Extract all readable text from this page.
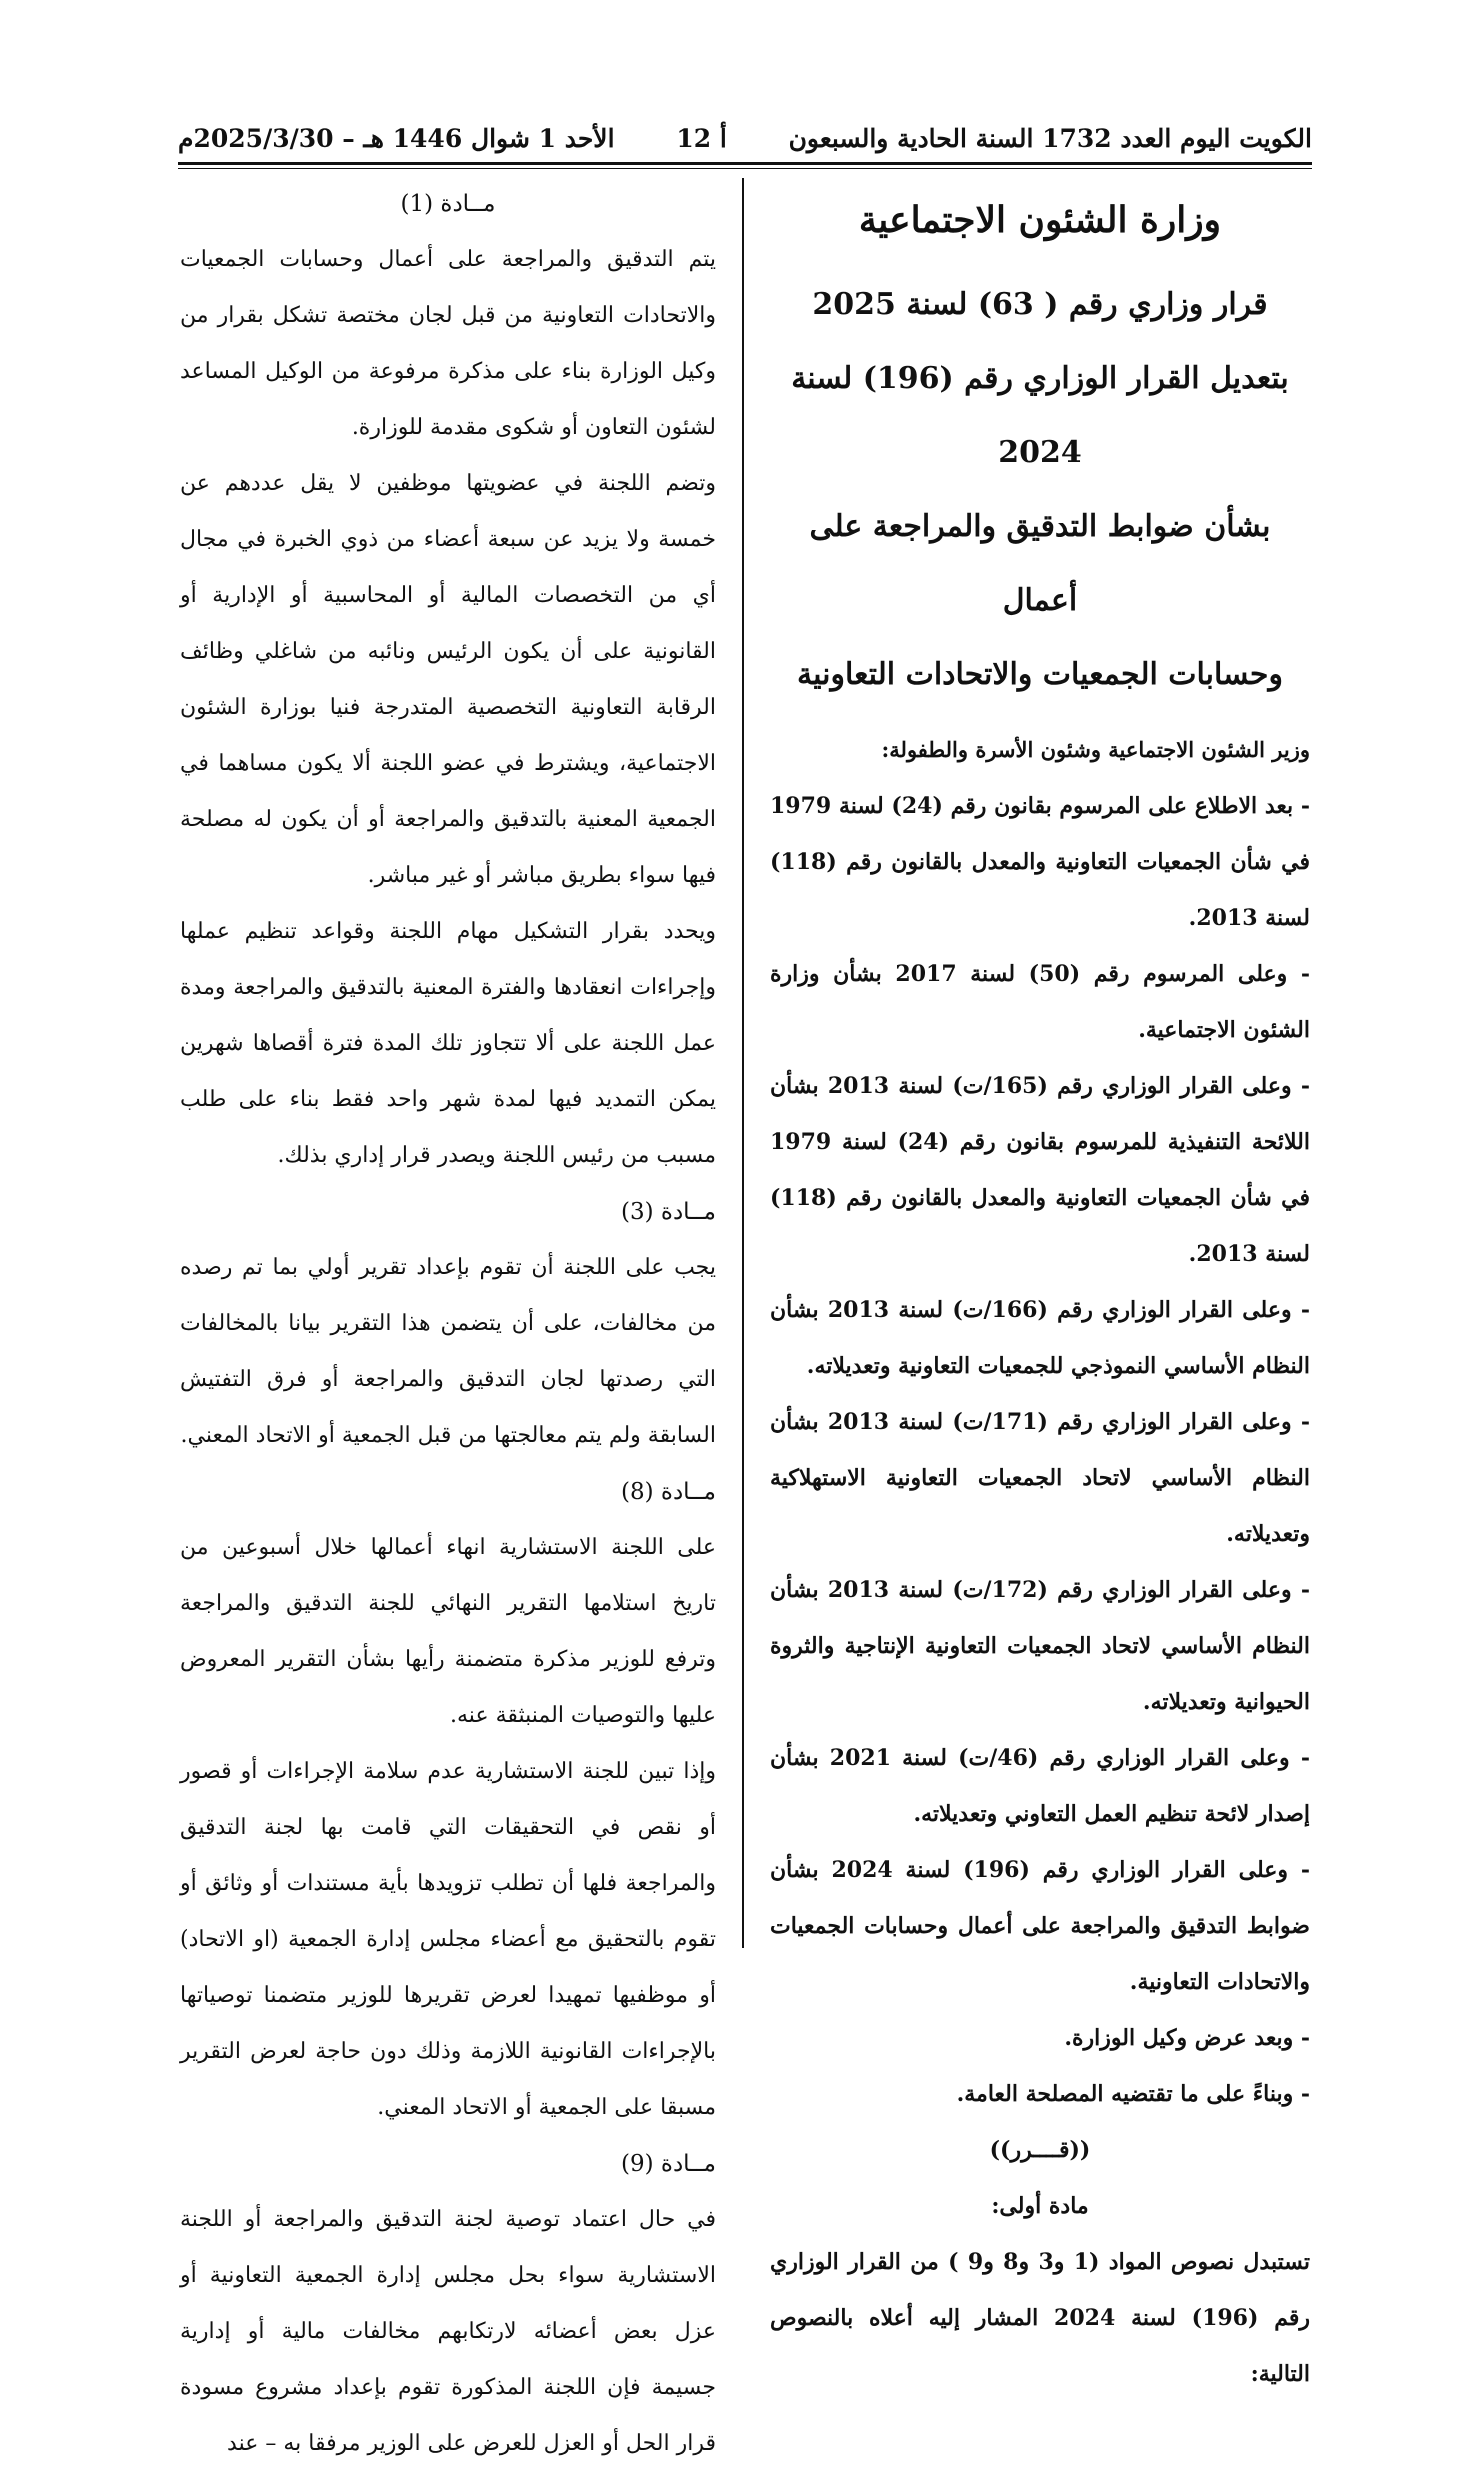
الكويت اليوم العدد 1732 السنة الحادية والسبعون
أ 12
الأحد 1 شوال 1446 هـ – 2025/3/30م

وزارة الشئون الاجتماعية

قرار وزاري رقم ( 63) لسنة 2025

بتعديل القرار الوزاري رقم (196) لسنة 2024

بشأن ضوابط التدقيق والمراجعة على أعمال

وحسابات الجمعيات والاتحادات التعاونية

وزير الشئون الاجتماعية وشئون الأسرة والطفولة:

- بعد الاطلاع على المرسوم بقانون رقم (24) لسنة 1979 في شأن الجمعيات التعاونية والمعدل بالقانون رقم (118) لسنة 2013.

- وعلى المرسوم رقم (50) لسنة 2017 بشأن وزارة الشئون الاجتماعية.

- وعلى القرار الوزاري رقم (165/ت) لسنة 2013 بشأن اللائحة التنفيذية للمرسوم بقانون رقم (24) لسنة 1979 في شأن الجمعيات التعاونية والمعدل بالقانون رقم (118) لسنة 2013.

- وعلى القرار الوزاري رقم (166/ت) لسنة 2013 بشأن النظام الأساسي النموذجي للجمعيات التعاونية وتعديلاته.

- وعلى القرار الوزاري رقم (171/ت) لسنة 2013 بشأن النظام الأساسي لاتحاد الجمعيات التعاونية الاستهلاكية وتعديلاته.

- وعلى القرار الوزاري رقم (172/ت) لسنة 2013 بشأن النظام الأساسي لاتحاد الجمعيات التعاونية الإنتاجية والثروة الحيوانية وتعديلاته.

- وعلى القرار الوزاري رقم (46/ت) لسنة 2021 بشأن إصدار لائحة تنظيم العمل التعاوني وتعديلاته.

- وعلى القرار الوزاري رقم (196) لسنة 2024 بشأن ضوابط التدقيق والمراجعة على أعمال وحسابات الجمعيات والاتحادات التعاونية.

- وبعد عرض وكيل الوزارة.

- وبناءً على ما تقتضيه المصلحة العامة.

((قــــرر))

مادة أولى:

تستبدل نصوص المواد (1 و3 و8 و9 ) من القرار الوزاري رقم (196) لسنة 2024 المشار إليه أعلاه بالنصوص التالية:

مــادة (1)

يتم التدقيق والمراجعة على أعمال وحسابات الجمعيات والاتحادات التعاونية من قبل لجان مختصة تشكل بقرار من وكيل الوزارة بناء على مذكرة مرفوعة من الوكيل المساعد لشئون التعاون أو شكوى مقدمة للوزارة.

وتضم اللجنة في عضويتها موظفين لا يقل عددهم عن خمسة ولا يزيد عن سبعة أعضاء من ذوي الخبرة في مجال أي من التخصصات المالية أو المحاسبية أو الإدارية أو القانونية على أن يكون الرئيس ونائبه من شاغلي وظائف الرقابة التعاونية التخصصية المتدرجة فنيا بوزارة الشئون الاجتماعية، ويشترط في عضو اللجنة ألا يكون مساهما في الجمعية المعنية بالتدقيق والمراجعة أو أن يكون له مصلحة فيها سواء بطريق مباشر أو غير مباشر.

ويحدد بقرار التشكيل مهام اللجنة وقواعد تنظيم عملها وإجراءات انعقادها والفترة المعنية بالتدقيق والمراجعة ومدة عمل اللجنة على ألا تتجاوز تلك المدة فترة أقصاها شهرين يمكن التمديد فيها لمدة شهر واحد فقط بناء على طلب مسبب من رئيس اللجنة ويصدر قرار إداري بذلك.

مــادة (3)

يجب على اللجنة أن تقوم بإعداد تقرير أولي بما تم رصده من مخالفات، على أن يتضمن هذا التقرير بيانا بالمخالفات التي رصدتها لجان التدقيق والمراجعة أو فرق التفتيش السابقة ولم يتم معالجتها من قبل الجمعية أو الاتحاد المعني.

مــادة (8)

على اللجنة الاستشارية انهاء أعمالها خلال أسبوعين من تاريخ استلامها التقرير النهائي للجنة التدقيق والمراجعة وترفع للوزير مذكرة متضمنة رأيها بشأن التقرير المعروض عليها والتوصيات المنبثقة عنه.

وإذا تبين للجنة الاستشارية عدم سلامة الإجراءات أو قصور أو نقص في التحقيقات التي قامت بها لجنة التدقيق والمراجعة فلها أن تطلب تزويدها بأية مستندات أو وثائق أو تقوم بالتحقيق مع أعضاء مجلس إدارة الجمعية (او الاتحاد) أو موظفيها تمهيدا لعرض تقريرها للوزير متضمنا توصياتها بالإجراءات القانونية اللازمة وذلك دون حاجة لعرض التقرير مسبقا على الجمعية أو الاتحاد المعني.

مــادة (9)

في حال اعتماد توصية لجنة التدقيق والمراجعة أو اللجنة الاستشارية سواء بحل مجلس إدارة الجمعية التعاونية أو عزل بعض أعضائه لارتكابهم مخالفات مالية أو إدارية جسيمة فإن اللجنة المذكورة تقوم بإعداد مشروع مسودة قرار الحل أو العزل للعرض على الوزير مرفقا به – عند
